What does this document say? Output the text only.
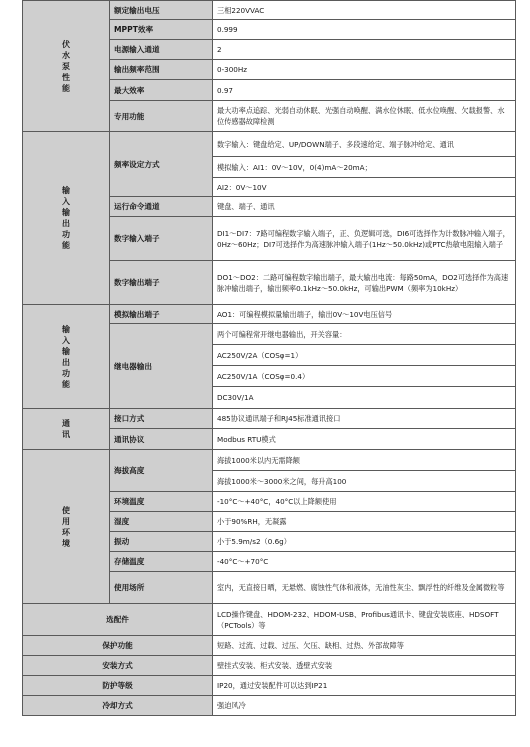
伏水泵性能	额定输出电压	三相220VVAC
	MPPT效率	0.999
	电源输入通道	2
	输出频率范围	0-300Hz
	最大效率	0.97
	专用功能	最大功率点追踪、光弱自动休眠、光强自动唤醒、满水位休眠、低水位唤醒、欠载报警、水位传感器故障检测
输入输出功能	频率设定方式	数字输入：键盘给定、UP/DOWN端子、多段速给定、端子脉冲给定、通讯
		模拟输入：AI1：0V～10V，0(4)mA～20mA；
		AI2：0V～10V
	运行命令通道	键盘、端子、通讯
	数字输入端子	DI1～DI7：7路可编程数字输入端子，正、负逻辑可选，DI6可选择作为计数脉冲输入端子，0Hz～60Hz；DI7可选择作为高速脉冲输入端子(1Hz～50.0kHz)或PTC热敏电阻输入端子
	数字输出端子	DO1～DO2：二路可编程数字输出端子，最大输出电流：每路50mA，DO2可选择作为高速脉冲输出端子，输出频率0.1kHz～50.0kHz，可输出PWM（频率为10kHz）
输入输出功能	模拟输出端子	AO1：可编程模拟量输出端子，输出0V～10V电压信号
	继电器输出	两个可编程常开继电器输出，开关容量：
		AC250V/2A（COSφ=1）
		AC250V/1A（COSφ=0.4）
		DC30V/1A
通讯	接口方式	485协议通讯端子和RJ45标准通讯接口
	通讯协议	Modbus RTU模式
使用环境	海拔高度	海拔1000米以内无需降额
		海拔1000米～3000米之间，每升高100
	环境温度	-10°C～+40°C，40°C以上降额使用
	湿度	小于90%RH，无凝露
	振动	小于5.9m/s2（0.6g）
	存储温度	-40°C～+70°C
	使用场所	室内，无直接日晒，无悬燃、腐蚀性气体和液体，无油性灰尘、飘浮性的纤维及金属微粒等
选配件		LCD操作键盘、HDOM-232、HDOM-USB、Profibus通讯卡、键盘安装底座、HDSOFT（PCTools）等
保护功能		短路、过流、过载、过压、欠压、缺相、过热、外部故障等
安装方式		壁挂式安装、柜式安装、透壁式安装
防护等级		IP20，通过安装配件可以达到IP21
冷却方式		强迫风冷
